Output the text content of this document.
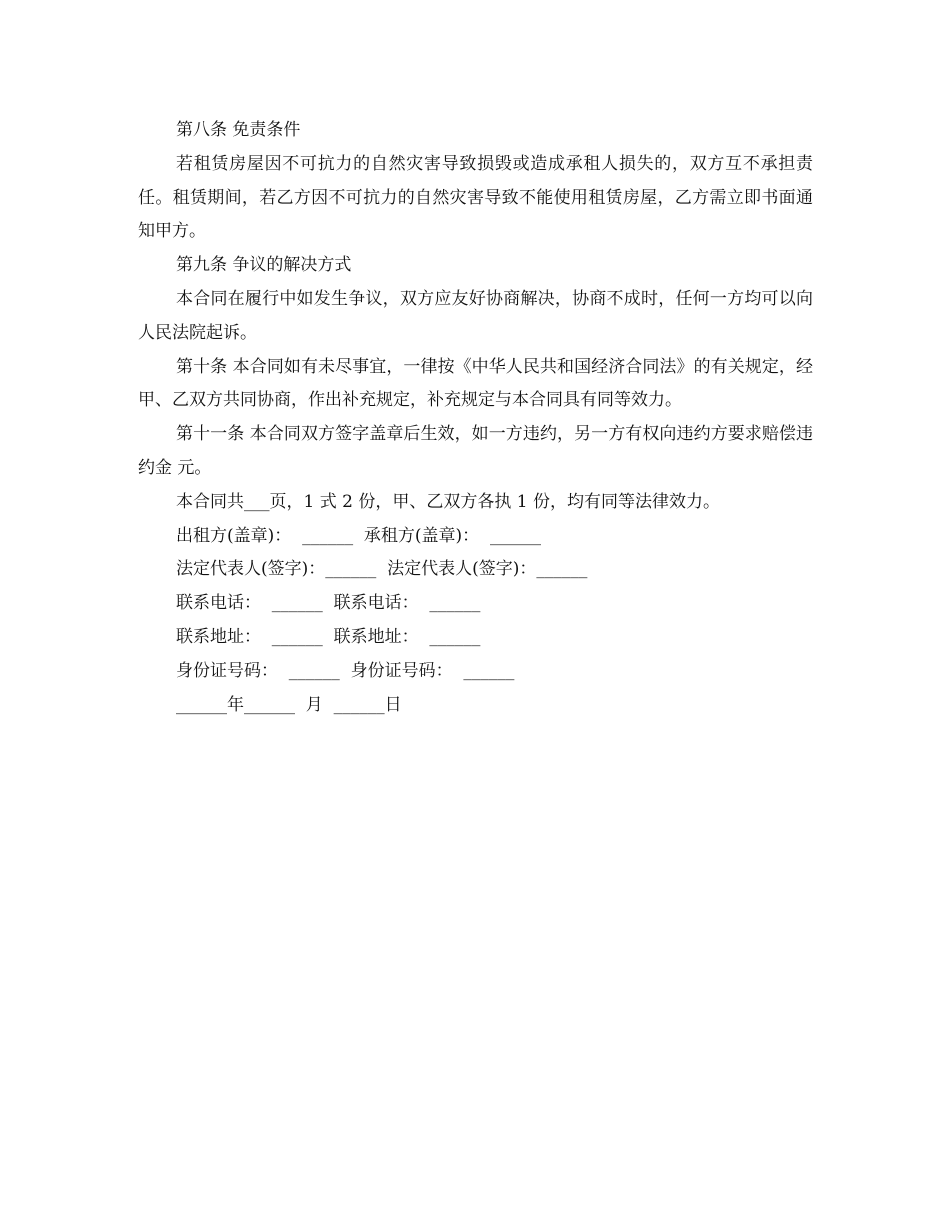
第八条 免责条件

若租赁房屋因不可抗力的自然灾害导致损毁或造成承租人损失的，双方互不承担责任。租赁期间，若乙方因不可抗力的自然灾害导致不能使用租赁房屋，乙方需立即书面通知甲方。

第九条 争议的解决方式

本合同在履行中如发生争议，双方应友好协商解决，协商不成时，任何一方均可以向人民法院起诉。

第十条 本合同如有未尽事宜，一律按《中华人民共和国经济合同法》的有关规定，经甲、乙双方共同协商，作出补充规定，补充规定与本合同具有同等效力。

第十一条 本合同双方签字盖章后生效，如一方违约，另一方有权向违约方要求赔偿违约金 元。

本合同共___页，1 式 2 份，甲、乙双方各执 1 份，均有同等法律效力。

出租方(盖章)：  ______  承租方(盖章)：  ______

法定代表人(签字)：______  法定代表人(签字)：______

联系电话：  ______  联系电话：  ______

联系地址：  ______  联系地址：  ______

身份证号码：  ______  身份证号码：  ______

______年______  月  ______日
